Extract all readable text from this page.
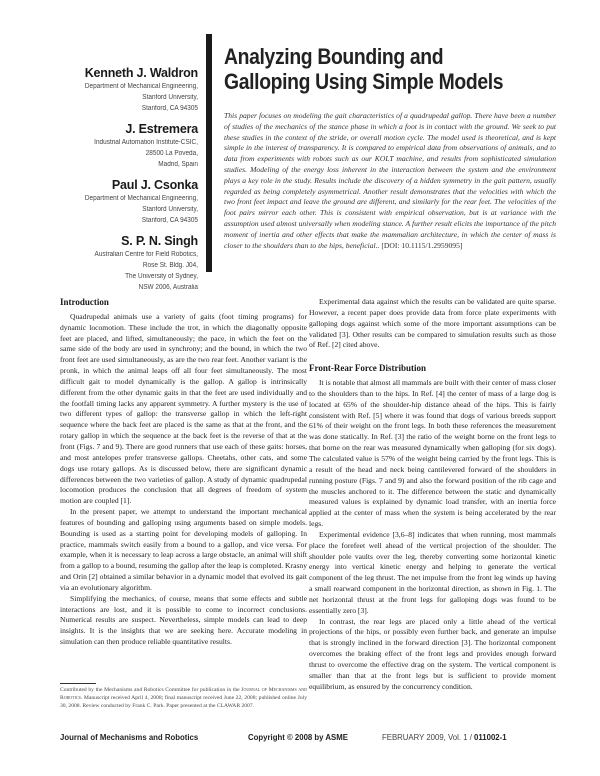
Kenneth J. Waldron
Department of Mechanical Engineering,
Stanford University,
Stanford, CA 94305
J. Estremera
Industrial Automation Institute-CSIC,
28500 La Poveda,
Madrid, Spain
Paul J. Csonka
Department of Mechanical Engineering,
Stanford University,
Stanford, CA 94305
S. P. N. Singh
Australian Centre for Field Robotics,
Rose St. Bldg. J04,
The University of Sydney,
NSW 2006, Australia
Analyzing Bounding and
Galloping Using Simple Models
This paper focuses on modeling the gait characteristics of a quadrupedal gallop. There have been a number of studies of the mechanics of the stance phase in which a foot is in contact with the ground. We seek to put these studies in the context of the stride, or overall motion cycle. The model used is theoretical, and is kept simple in the interest of transparency. It is compared to empirical data from observations of animals, and to data from experiments with robots such as our KOLT machine, and results from sophisticated simulation studies. Modeling of the energy loss inherent in the interaction between the system and the environment plays a key role in the study. Results include the discovery of a hidden symmetry in the gait pattern, usually regarded as being completely asymmetrical. Another result demonstrates that the velocities with which the two front feet impact and leave the ground are different, and similarly for the rear feet. The velocities of the foot pairs mirror each other. This is consistent with empirical observation, but is at variance with the assumption used almost universally when modeling stance. A further result elicits the importance of the pitch moment of inertia and other effects that make the mammalian architecture, in which the center of mass is closer to the shoulders than to the hips, beneficial.. [DOI: 10.1115/1.2959095]
Introduction

Quadrupedal animals use a variety of gaits (foot timing programs) for dynamic locomotion. These include the trot, in which the diagonally opposite feet are placed, and lifted, simultaneously; the pace, in which the feet on the same side of the body are used in synchrony; and the bound, in which the two front feet are used simultaneously, as are the two rear feet. Another variant is the pronk, in which the animal leaps off all four feet simultaneously. The most difficult gait to model dynamically is the gallop. A gallop is intrinsically different from the other dynamic gaits in that the feet are used individually and the footfall timing lacks any apparent symmetry. A further mystery is the use of two different types of gallop: the transverse gallop in which the left-right sequence where the back feet are placed is the same as that at the front, and the rotary gallop in which the sequence at the back feet is the reverse of that at the front (Figs. 7 and 9). There are good runners that use each of these gaits: horses, and most antelopes prefer transverse gallops. Cheetahs, other cats, and some dogs use rotary gallops. As is discussed below, there are significant dynamic differences between the two varieties of gallop. A study of dynamic quadrupedal locomotion produces the conclusion that all degrees of freedom of system motion are coupled [1].

In the present paper, we attempt to understand the important mechanical features of bounding and galloping using arguments based on simple models. Bounding is used as a starting point for developing models of galloping. In practice, mammals switch easily from a bound to a gallop, and vice versa. For example, when it is necessary to leap across a large obstacle, an animal will shift from a gallop to a bound, resuming the gallop after the leap is completed. Krasny and Orin [2] obtained a similar behavior in a dynamic model that evolved its gait via an evolutionary algorithm.

Simplifying the mechanics, of course, means that some effects and subtle interactions are lost, and it is possible to come to incorrect conclusions. Numerical results are suspect. Nevertheless, simple models can lead to deep insights. It is the insights that we are seeking here. Accurate modeling in simulation can then produce reliable quantitative results.

Experimental data against which the results can be validated are quite sparse. However, a recent paper does provide data from force plate experiments with galloping dogs against which some of the more important assumptions can be validated [3]. Other results can be compared to simulation results such as those of Ref. [2] cited above.

Front-Rear Force Distribution

It is notable that almost all mammals are built with their center of mass closer to the shoulders than to the hips. In Ref. [4] the center of mass of a large dog is located at 65% of the shoulder-hip distance ahead of the hips. This is fairly consistent with Ref. [5] where it was found that dogs of various breeds support 61% of their weight on the front legs. In both these references the measurement was done statically. In Ref. [3] the ratio of the weight borne on the front legs to that borne on the rear was measured dynamically when galloping (for six dogs). The calculated value is 57% of the weight being carried by the front legs. This is a result of the head and neck being cantilevered forward of the shoulders in running posture (Figs. 7 and 9) and also the forward position of the rib cage and the muscles anchored to it. The difference between the static and dynamically measured values is explained by dynamic load transfer, with an inertia force applied at the center of mass when the system is being accelerated by the rear legs.

Experimental evidence [3,6–8] indicates that when running, most mammals place the forefeet well ahead of the vertical projection of the shoulder. The shoulder pole vaults over the leg, thereby converting some horizontal kinetic energy into vertical kinetic energy and helping to generate the vertical component of the leg thrust. The net impulse from the front leg winds up having a small rearward component in the horizontal direction, as shown in Fig. 1. The net horizontal thrust at the front legs for galloping dogs was found to be essentially zero [3].

In contrast, the rear legs are placed only a little ahead of the vertical projections of the hips, or possibly even further back, and generate an impulse that is strongly inclined in the forward direction [3]. The horizontal component overcomes the braking effect of the front legs and provides enough forward thrust to overcome the effective drag on the system. The vertical component is smaller than that at the front legs but is sufficient to provide moment equilibrium, as ensured by the concurrency condition.

Contributed by the Mechanisms and Robotics Committee for publication in the Journal of Mechanisms and Robotics. Manuscript received April 4, 2008; final manuscript received June 22, 2008; published online July 30, 2008. Review conducted by Frank C. Park. Paper presented at the CLAWAR 2007.
Journal of Mechanisms and Robotics	Copyright © 2008 by ASME	FEBRUARY 2009, Vol. 1 / 011002-1
